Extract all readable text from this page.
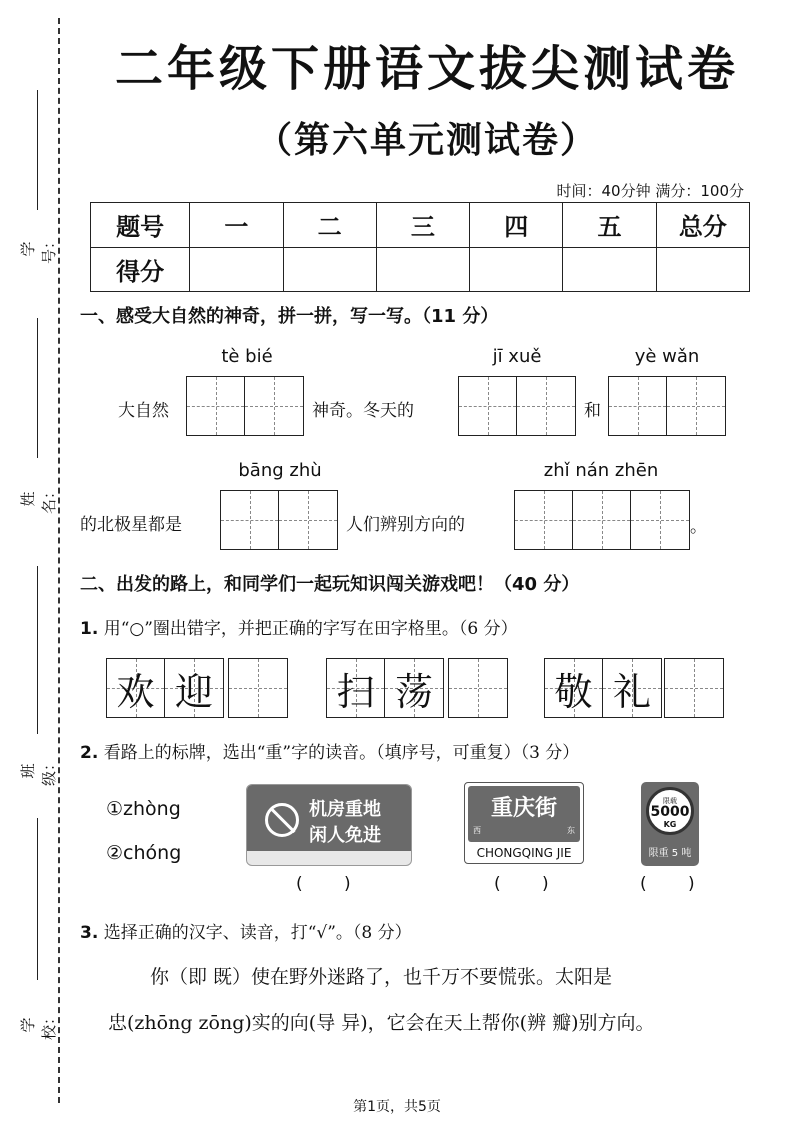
学号：
姓名：
班级：
学校：
二年级下册语文拔尖测试卷
（第六单元测试卷）
时间：40分钟 满分：100分
题号	一	二	三	四	五	总分
得分						
一、感受大自然的神奇，拼一拼，写一写。（11 分）
tè bié	jī xuě	yè wǎn
大自然	神奇。冬天的	和
bāng zhù	zhǐ nán zhēn
的北极星都是	人们辨别方向的	。
二、出发的路上，和同学们一起玩知识闯关游戏吧！（40 分）
1. 用“○”圈出错字，并把正确的字写在田字格里。（6 分）
欢 迎	扫 荡	敬 礼
2. 看路上的标牌，选出“重”字的读音。（填序号，可重复）（3 分）
①zhòng
②chóng
机房重地
闲人免进
重庆街
西	东
CHONGQING JIE
限载
5000
KG
限重 5 吨
( )	( )	( )
3. 选择正确的汉字、读音，打“√”。（8 分）
你（即 既）使在野外迷路了，也千万不要慌张。太阳是
忠(zhōng zōng)实的向(导 异)，它会在天上帮你(辨 瓣)别方向。
第1页，共5页
